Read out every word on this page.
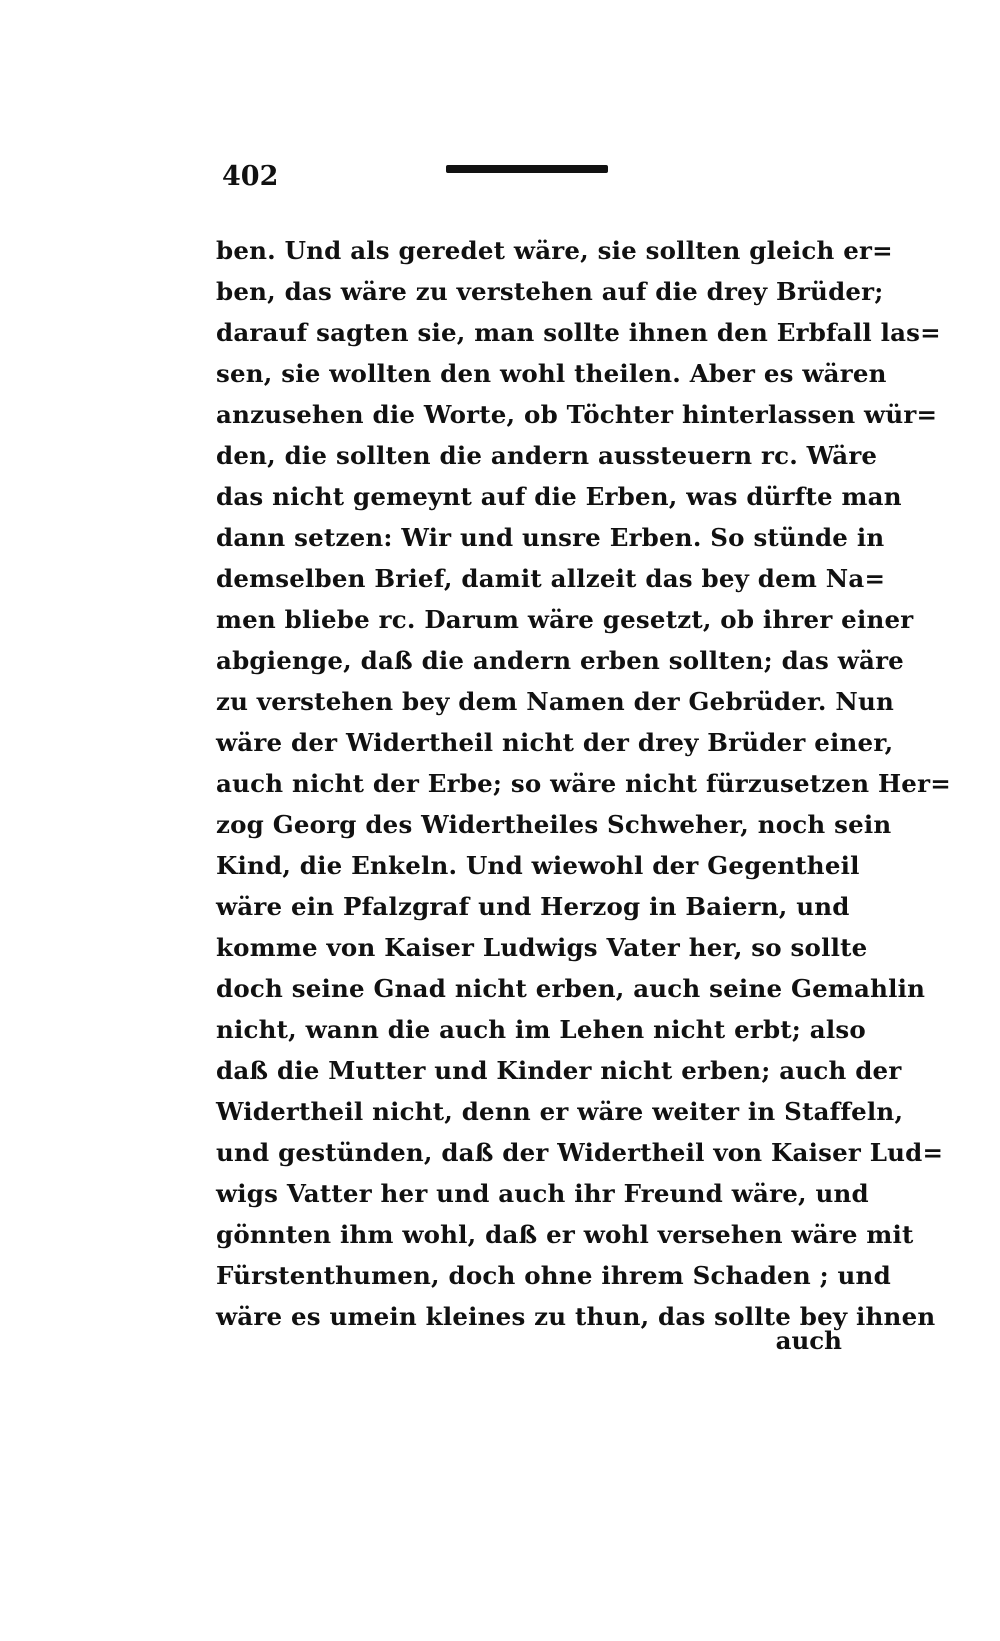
402
ben. Und als geredet wäre, sie sollten gleich er=
ben, das wäre zu verstehen auf die drey Brüder;
darauf sagten sie, man sollte ihnen den Erbfall las=
sen, sie wollten den wohl theilen. Aber es wären
anzusehen die Worte, ob Töchter hinterlassen wür=
den, die sollten die andern aussteuern rc. Wäre
das nicht gemeynt auf die Erben, was dürfte man
dann setzen: Wir und unsre Erben. So stünde in
demselben Brief, damit allzeit das bey dem Na=
men bliebe rc. Darum wäre gesetzt, ob ihrer einer
abgienge, daß die andern erben sollten; das wäre
zu verstehen bey dem Namen der Gebrüder. Nun
wäre der Widertheil nicht der drey Brüder einer,
auch nicht der Erbe; so wäre nicht fürzusetzen Her=
zog Georg des Widertheiles Schweher, noch sein
Kind, die Enkeln. Und wiewohl der Gegentheil
wäre ein Pfalzgraf und Herzog in Baiern, und
komme von Kaiser Ludwigs Vater her, so sollte
doch seine Gnad nicht erben, auch seine Gemahlin
nicht, wann die auch im Lehen nicht erbt; also
daß die Mutter und Kinder nicht erben; auch der
Widertheil nicht, denn er wäre weiter in Staffeln,
und gestünden, daß der Widertheil von Kaiser Lud=
wigs Vatter her und auch ihr Freund wäre, und
gönnten ihm wohl, daß er wohl versehen wäre mit
Fürstenthumen, doch ohne ihrem Schaden ; und
wäre es umein kleines zu thun, das sollte bey ihnen
auch
